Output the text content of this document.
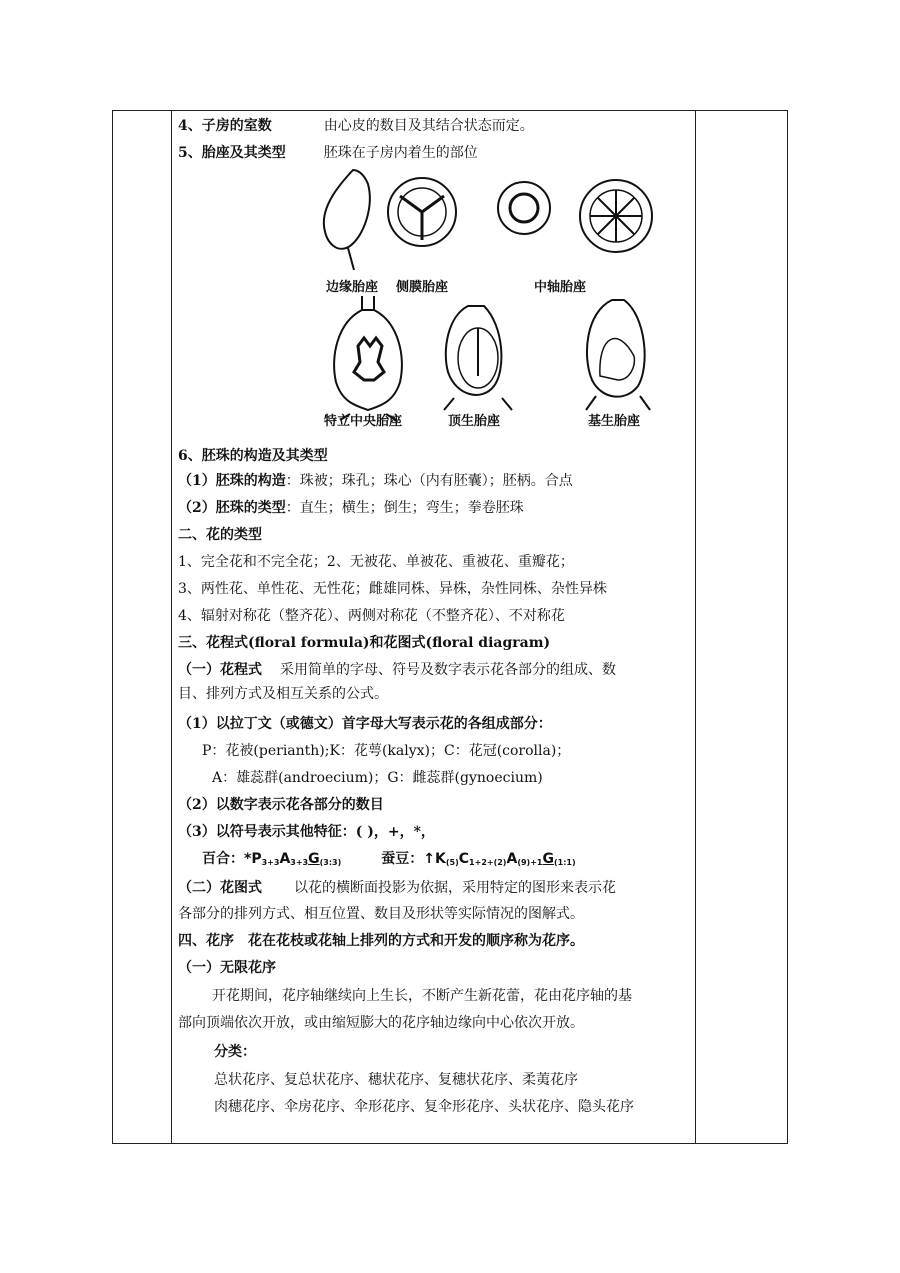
4、子房的室数	由心皮的数目及其结合状态而定。
5、胎座及其类型	胚珠在子房内着生的部位
边缘胎座 侧膜胎座	中轴胎座
特立中央胎座	顶生胎座	基生胎座
6、胚珠的构造及其类型
（1）胚珠的构造：珠被；珠孔；珠心（内有胚囊）；胚柄。合点
（2）胚珠的类型：直生；横生；倒生；弯生；拳卷胚珠
二、花的类型
1、完全花和不完全花；2、无被花、单被花、重被花、重瓣花；
3、两性花、单性花、无性花；雌雄同株、异株，杂性同株、杂性异株
4、辐射对称花（整齐花）、两侧对称花（不整齐花）、不对称花
三、花程式(floral formula)和花图式(floral diagram)
（一）花程式 采用简单的字母、符号及数字表示花各部分的组成、数
目、排列方式及相互关系的公式。
（1）以拉丁文（或德文）首字母大写表示花的各组成部分：
P：花被(perianth);K：花萼(kalyx)；C：花冠(corolla)；
A：雄蕊群(androecium)；G：雌蕊群(gynoecium)
（2）以数字表示花各部分的数目
（3）以符号表示其他特征：( )，+，*，
百合：$*P_{3+3}A_{3+3}G_{(3:3)}$	蚕豆：$↑K_{(5)}C_{1+2+(2)}A_{(9)+1}G_{(1:1)}$
（二）花图式 以花的横断面投影为依据，采用特定的图形来表示花
各部分的排列方式、相互位置、数目及形状等实际情况的图解式。
四、花序　花在花枝或花轴上排列的方式和开发的顺序称为花序。
（一）无限花序
开花期间，花序轴继续向上生长，不断产生新花蕾，花由花序轴的基
部向顶端依次开放，或由缩短膨大的花序轴边缘向中心依次开放。
分类：
总状花序、复总状花序、穗状花序、复穗状花序、柔荑花序
肉穗花序、伞房花序、伞形花序、复伞形花序、头状花序、隐头花序
